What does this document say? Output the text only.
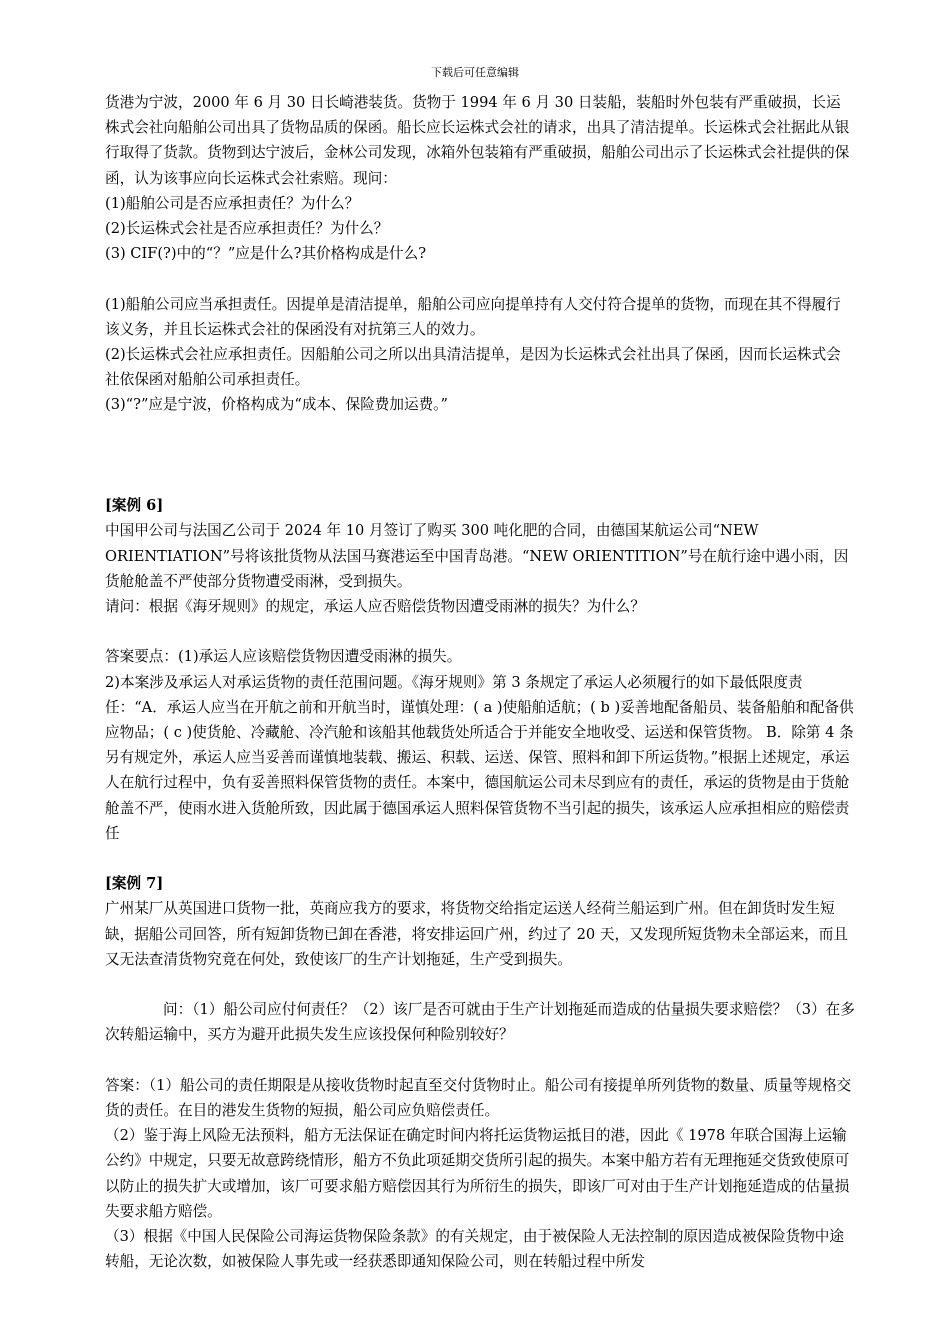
下载后可任意编辑

货港为宁波，2000 年 6 月 30 日长崎港装货。货物于 1994 年 6 月 30 日装船，装船时外包装有严重破损，长运株式会社向船舶公司出具了货物品质的保函。船长应长运株式会社的请求，出具了清洁提单。长运株式会社据此从银行取得了货款。货物到达宁波后，金林公司发现，冰箱外包装箱有严重破损，船舶公司出示了长运株式会社提供的保函，认为该事应向长运株式会社索赔。现问：

(1)船舶公司是否应承担责任？为什么？

(2)长运株式会社是否应承担责任？为什么？

(3) CIF(?)中的“？”应是什么?其价格构成是什么?

(1)船舶公司应当承担责任。因提单是清洁提单，船舶公司应向提单持有人交付符合提单的货物，而现在其不得履行该义务，并且长运株式会社的保函没有对抗第三人的效力。

(2)长运株式会社应承担责任。因船舶公司之所以出具清洁提单，是因为长运株式会社出具了保函，因而长运株式会社依保函对船舶公司承担责任。

(3)“?”应是宁波，价格构成为“成本、保险费加运费。”

[案例 6]

中国甲公司与法国乙公司于 2024 年 10 月签订了购买 300 吨化肥的合同，由德国某航运公司“NEW ORIENTIATION”号将该批货物从法国马赛港运至中国青岛港。“NEW ORIENTITION”号在航行途中遇小雨，因货舱舱盖不严使部分货物遭受雨淋，受到损失。

请问：根据《海牙规则》的规定，承运人应否赔偿货物因遭受雨淋的损失？为什么？

答案要点：(1)承运人应该赔偿货物因遭受雨淋的损失。

2)本案涉及承运人对承运货物的责任范围问题。《海牙规则》第 3 条规定了承运人必须履行的如下最低限度责任：“A．承运人应当在开航之前和开航当时，谨慎处理：( a )使船舶适航；( b )妥善地配备船员、装备船舶和配备供应物品；( c )使货舱、冷藏舱、冷汽舱和该船其他载货处所适合于并能安全地收受、运送和保管货物。 B．除第 4 条另有规定外，承运人应当妥善而谨慎地装载、搬运、积载、运送、保管、照料和卸下所运货物。”根据上述规定，承运人在航行过程中，负有妥善照料保管货物的责任。本案中，德国航运公司未尽到应有的责任，承运的货物是由于货舱舱盖不严，使雨水进入货舱所致，因此属于德国承运人照料保管货物不当引起的损失，该承运人应承担相应的赔偿责任

[案例 7]

广州某厂从英国进口货物一批，英商应我方的要求，将货物交给指定运送人经荷兰船运到广州。但在卸货时发生短缺，据船公司回答，所有短卸货物已卸在香港，将安排运回广州，约过了 20 天，又发现所短货物未全部运来，而且又无法查清货物究竟在何处，致使该厂的生产计划拖延，生产受到损失。

问：（1）船公司应付何责任？（2）该厂是否可就由于生产计划拖延而造成的估量损失要求赔偿？（3）在多次转船运输中，买方为避开此损失发生应该投保何种险别较好？

答案：（1）船公司的责任期限是从接收货物时起直至交付货物时止。船公司有接提单所列货物的数量、质量等规格交货的责任。在目的港发生货物的短损，船公司应负赔偿责任。

（2）鉴于海上风险无法预料，船方无法保证在确定时间内将托运货物运抵目的港，因此《 1978 年联合国海上运输公约》中规定，只要无故意跨绕情形，船方不负此项延期交货所引起的损失。本案中船方若有无理拖延交货致使原可以防止的损失扩大或增加，该厂可要求船方赔偿因其行为所衍生的损失，即该厂可对由于生产计划拖延造成的估量损失要求船方赔偿。

（3）根据《中国人民保险公司海运货物保险条款》的有关规定，由于被保险人无法控制的原因造成被保险货物中途转船，无论次数，如被保险人事先或一经获悉即通知保险公司，则在转船过程中所发
